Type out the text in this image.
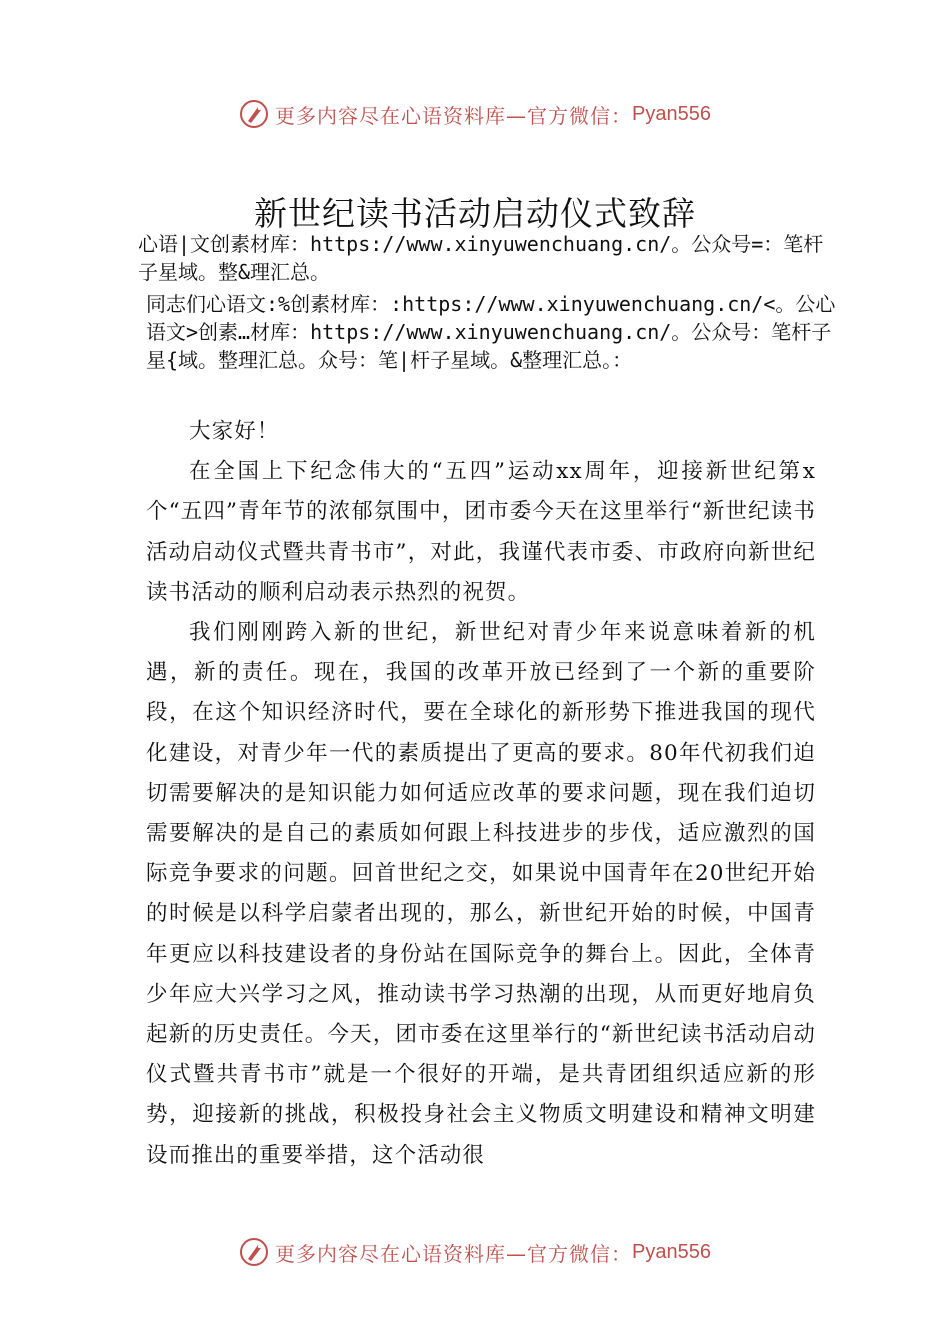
更多内容尽在心语资料库—官方微信： Pyan556
新世纪读书活动启动仪式致辞
心语|文创素材库：https://www.xinyuwenchuang.cn/。公众号=：笔杆子星域。整&理汇总。
同志们心语文:%创素材库：:https://www.xinyuwenchuang.cn/<。公心语文>创素…材库：https://www.xinyuwenchuang.cn/。公众号：笔杆子星{域。整理汇总。众号：笔|杆子星域。&整理汇总。：

大家好！

在全国上下纪念伟大的“五四”运动xx周年，迎接新世纪第x个“五四”青年节的浓郁氛围中，团市委今天在这里举行“新世纪读书活动启动仪式暨共青书市”，对此，我谨代表市委、市政府向新世纪读书活动的顺利启动表示热烈的祝贺。

我们刚刚跨入新的世纪，新世纪对青少年来说意味着新的机遇，新的责任。现在，我国的改革开放已经到了一个新的重要阶段，在这个知识经济时代，要在全球化的新形势下推进我国的现代化建设，对青少年一代的素质提出了更高的要求。80年代初我们迫切需要解决的是知识能力如何适应改革的要求问题，现在我们迫切需要解决的是自己的素质如何跟上科技进步的步伐，适应激烈的国际竞争要求的问题。回首世纪之交，如果说中国青年在20世纪开始的时候是以科学启蒙者出现的，那么，新世纪开始的时候，中国青年更应以科技建设者的身份站在国际竞争的舞台上。因此，全体青少年应大兴学习之风，推动读书学习热潮的出现，从而更好地肩负起新的历史责任。今天，团市委在这里举行的“新世纪读书活动启动仪式暨共青书市”就是一个很好的开端，是共青团组织适应新的形势，迎接新的挑战，积极投身社会主义物质文明建设和精神文明建设而推出的重要举措，这个活动很

更多内容尽在心语资料库—官方微信： Pyan556
